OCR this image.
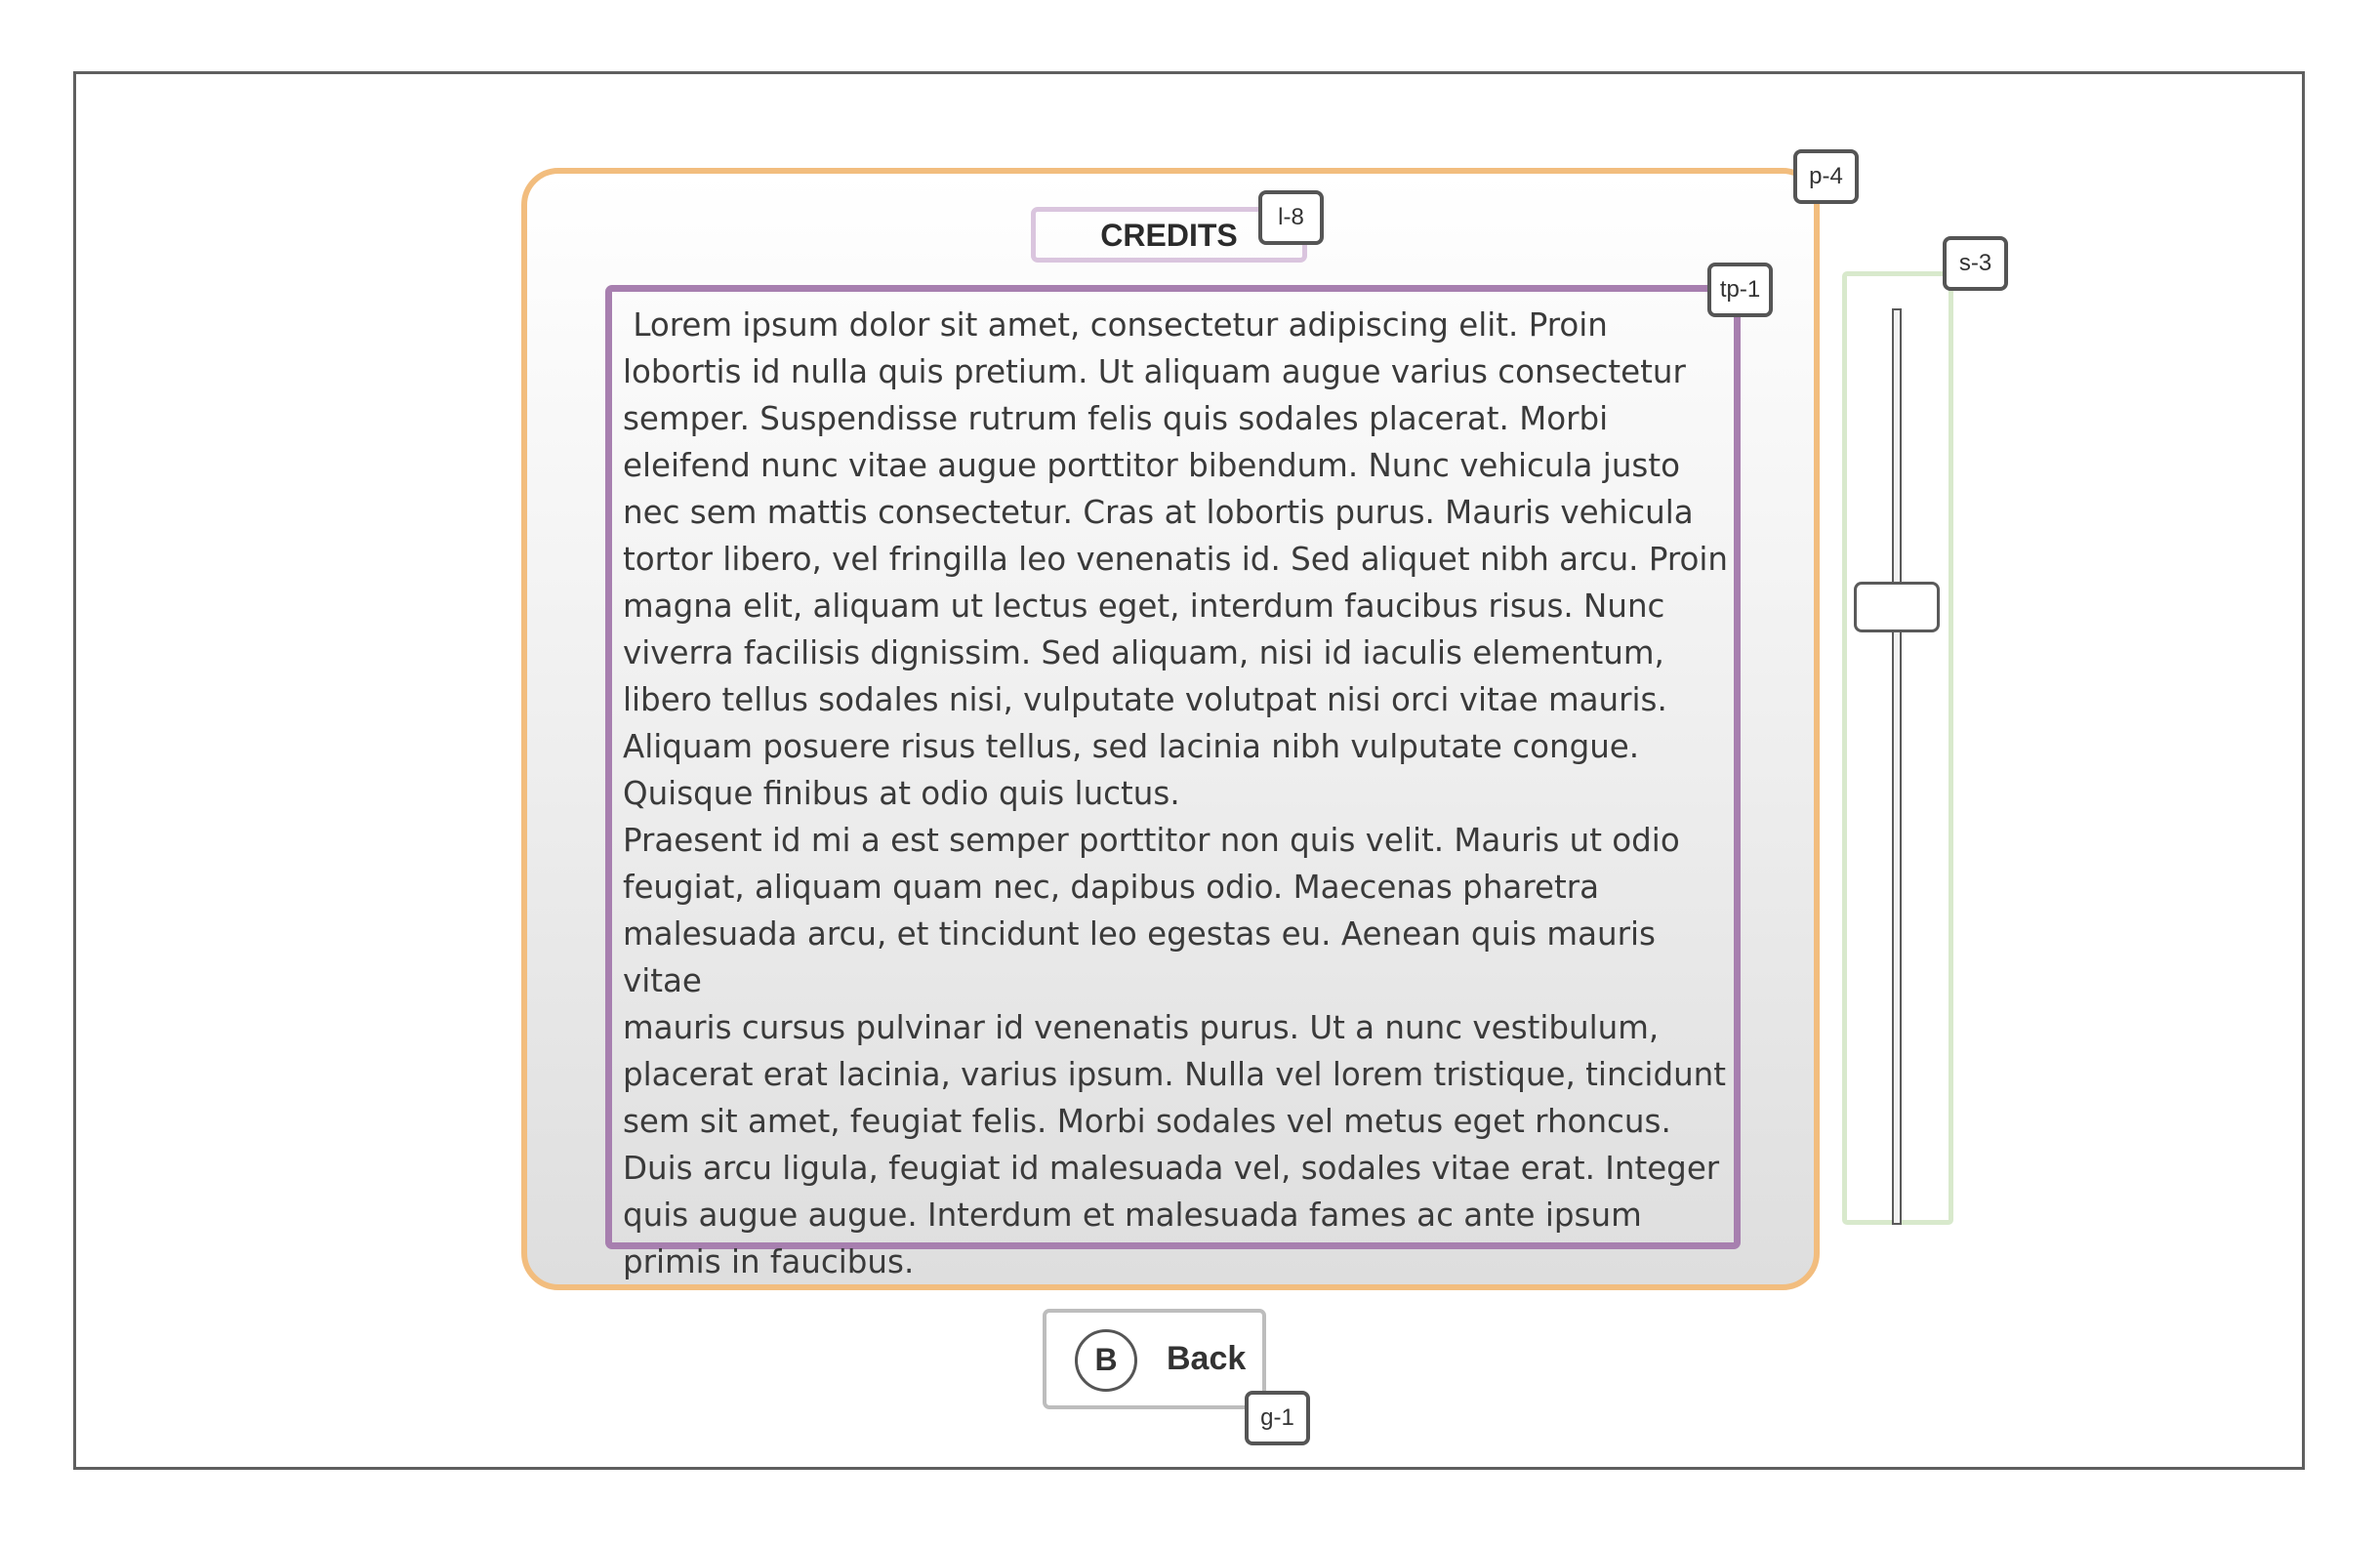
CREDITS
Lorem ipsum dolor sit amet, consectetur adipiscing elit. Proin
lobortis id nulla quis pretium. Ut aliquam augue varius consectetur
semper. Suspendisse rutrum felis quis sodales placerat. Morbi
eleifend nunc vitae augue porttitor bibendum. Nunc vehicula justo
nec sem mattis consectetur. Cras at lobortis purus. Mauris vehicula
tortor libero, vel fringilla leo venenatis id. Sed aliquet nibh arcu. Proin
magna elit, aliquam ut lectus eget, interdum faucibus risus. Nunc
viverra facilisis dignissim. Sed aliquam, nisi id iaculis elementum,
libero tellus sodales nisi, vulputate volutpat nisi orci vitae mauris.
Aliquam posuere risus tellus, sed lacinia nibh vulputate congue.
Quisque finibus at odio quis luctus.
Praesent id mi a est semper porttitor non quis velit. Mauris ut odio
feugiat, aliquam quam nec, dapibus odio. Maecenas pharetra
malesuada arcu, et tincidunt leo egestas eu. Aenean quis mauris vitae
mauris cursus pulvinar id venenatis purus. Ut a nunc vestibulum,
placerat erat lacinia, varius ipsum. Nulla vel lorem tristique, tincidunt
sem sit amet, feugiat felis. Morbi sodales vel metus eget rhoncus.
Duis arcu ligula, feugiat id malesuada vel, sodales vitae erat. Integer
quis augue augue. Interdum et malesuada fames ac ante ipsum
primis in faucibus.
B	Back
p-4
l-8
tp-1
s-3
g-1
